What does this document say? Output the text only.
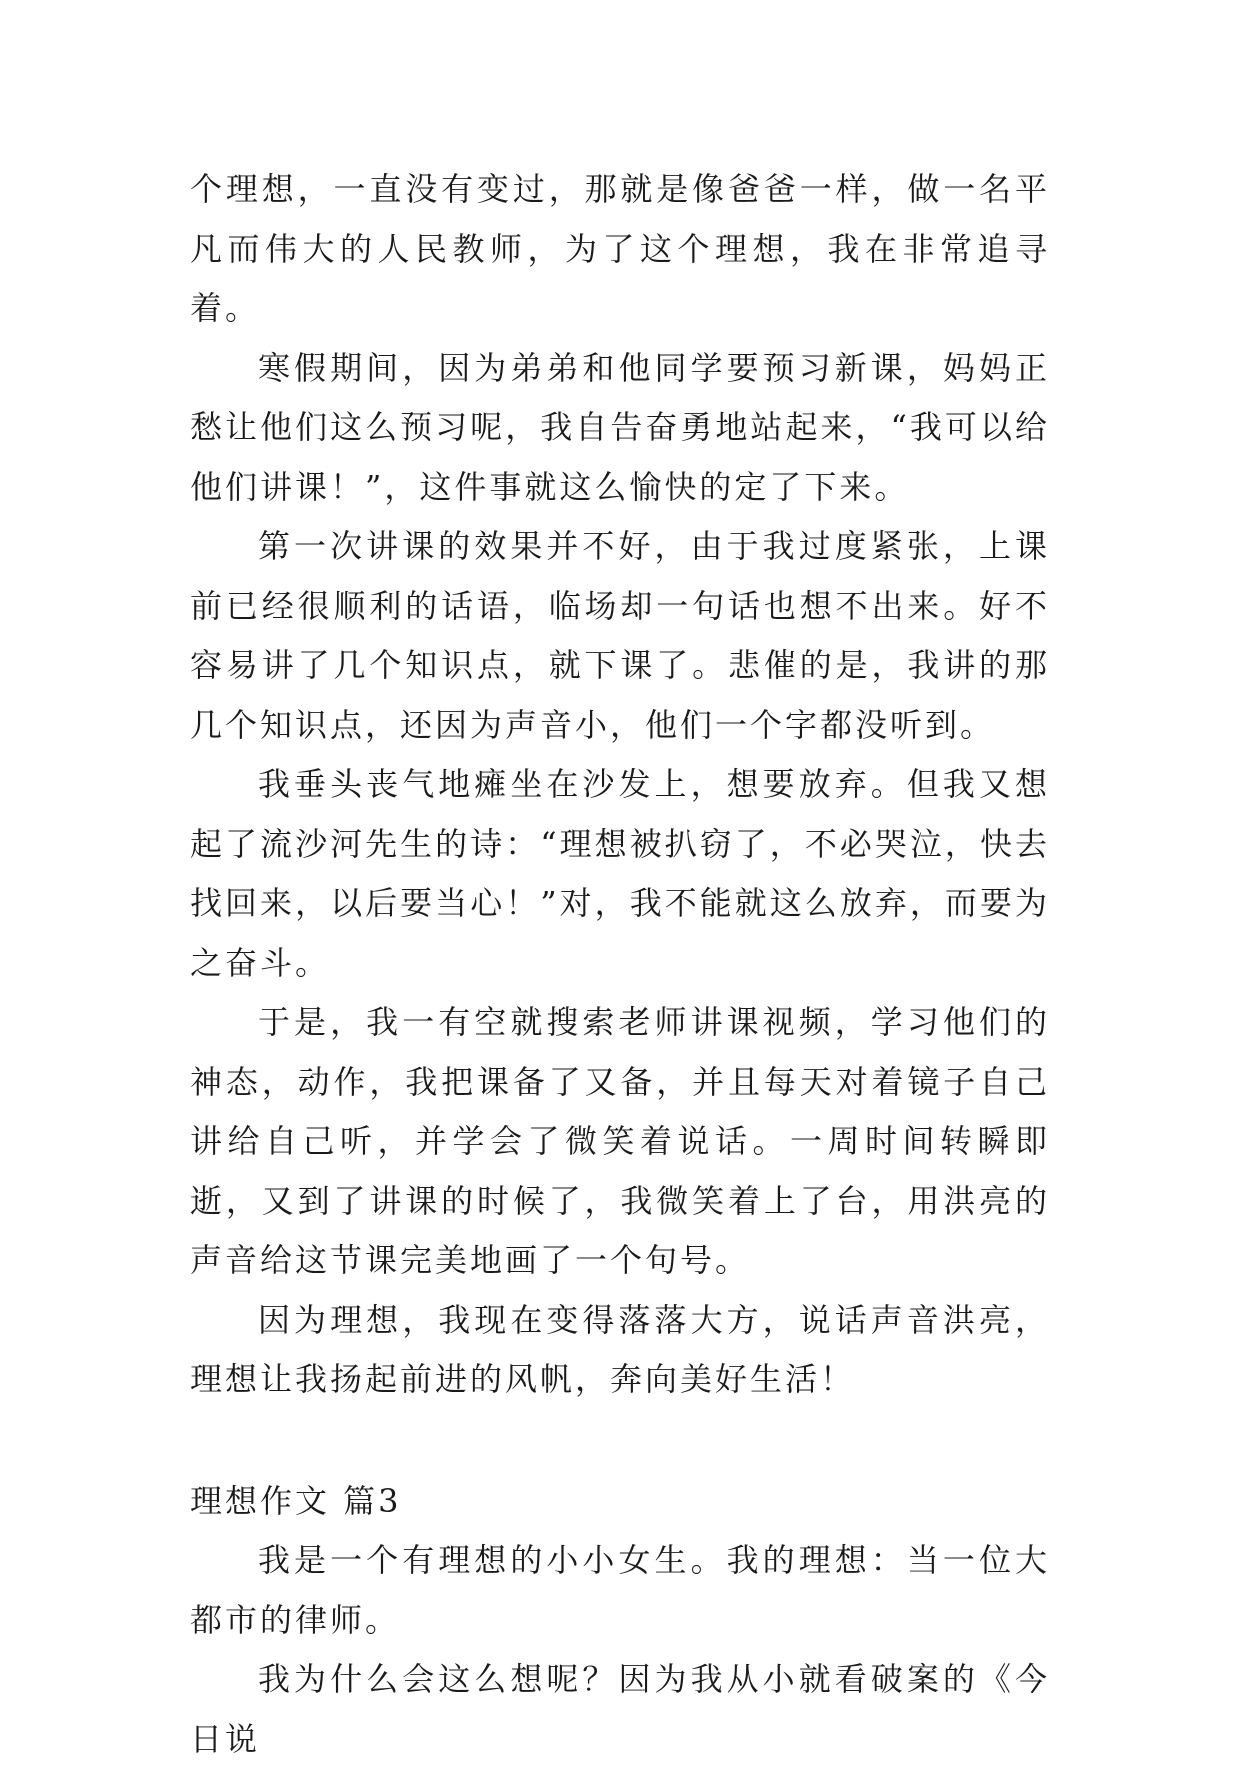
个理想，一直没有变过，那就是像爸爸一样，做一名平凡而伟大的人民教师，为了这个理想，我在非常追寻着。

寒假期间，因为弟弟和他同学要预习新课，妈妈正愁让他们这么预习呢，我自告奋勇地站起来，“我可以给他们讲课！”，这件事就这么愉快的定了下来。

第一次讲课的效果并不好，由于我过度紧张，上课前已经很顺利的话语，临场却一句话也想不出来。好不容易讲了几个知识点，就下课了。悲催的是，我讲的那几个知识点，还因为声音小，他们一个字都没听到。

我垂头丧气地瘫坐在沙发上，想要放弃。但我又想起了流沙河先生的诗：“理想被扒窃了，不必哭泣，快去找回来，以后要当心！”对，我不能就这么放弃，而要为之奋斗。

于是，我一有空就搜索老师讲课视频，学习他们的神态，动作，我把课备了又备，并且每天对着镜子自己讲给自己听，并学会了微笑着说话。一周时间转瞬即逝，又到了讲课的时候了，我微笑着上了台，用洪亮的声音给这节课完美地画了一个句号。

因为理想，我现在变得落落大方，说话声音洪亮，理想让我扬起前进的风帆，奔向美好生活！

理想作文 篇3

我是一个有理想的小小女生。我的理想：当一位大都市的律师。

我为什么会这么想呢？因为我从小就看破案的《今日说
